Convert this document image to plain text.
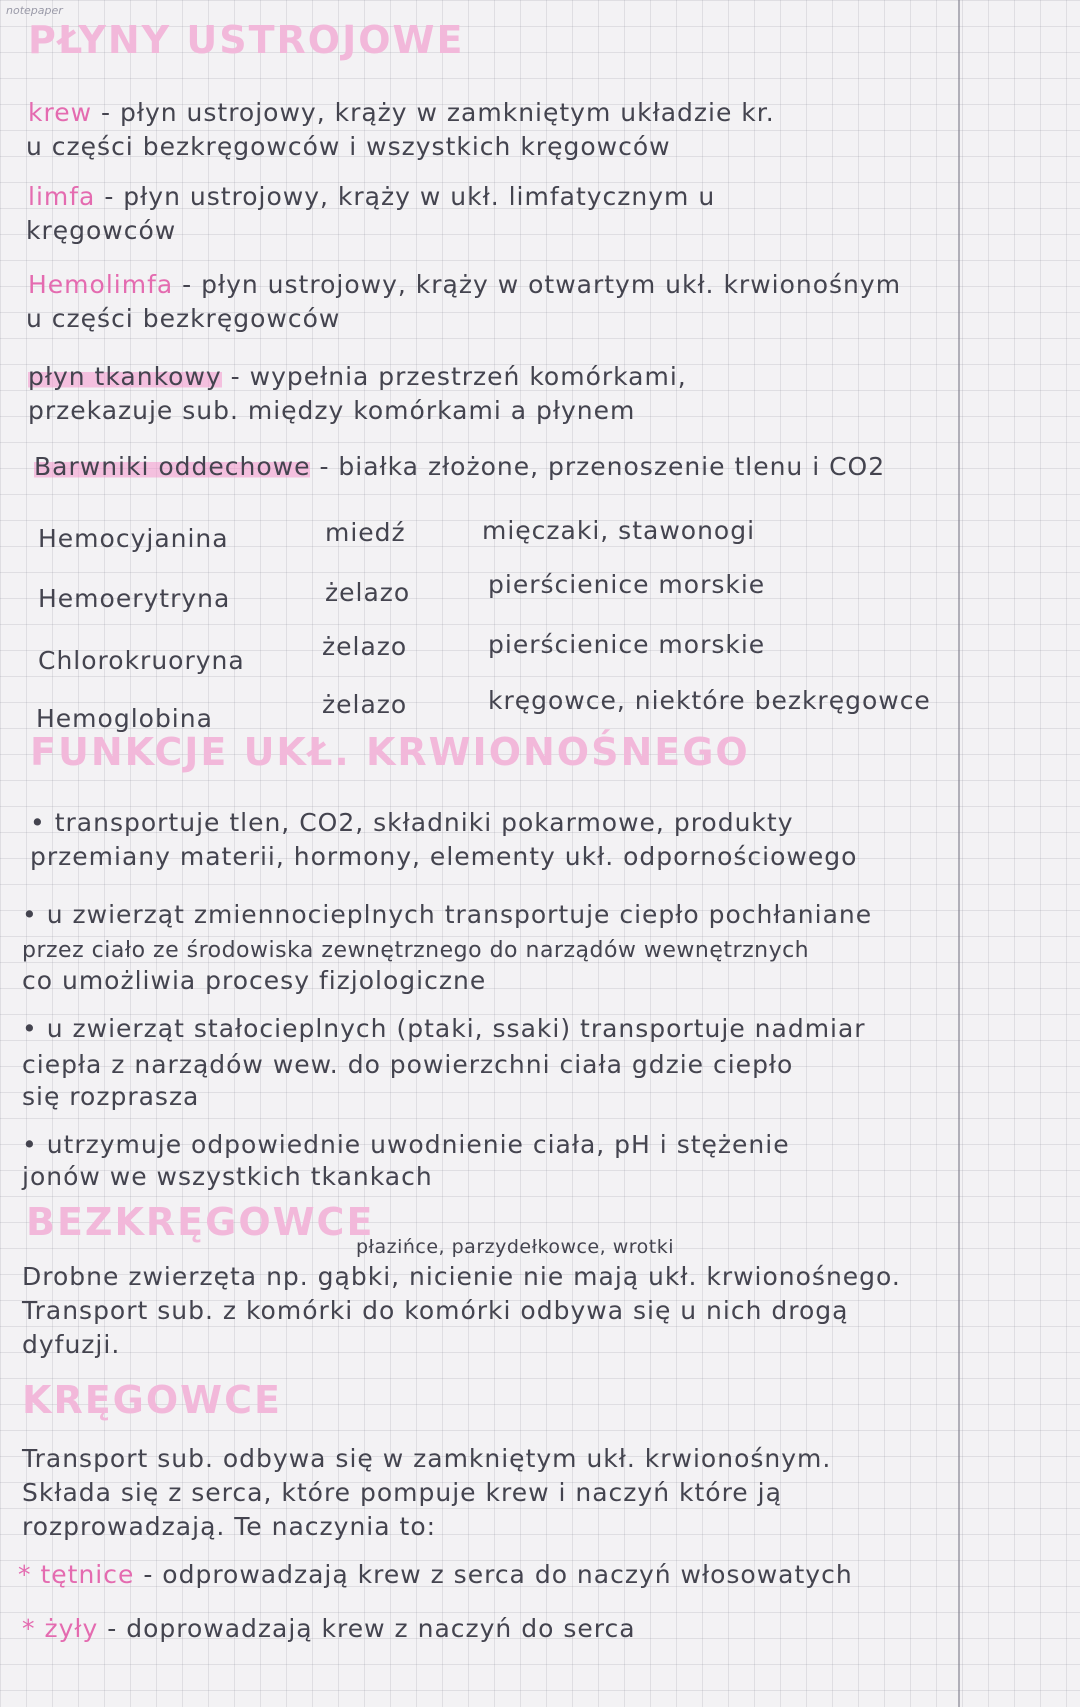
notepaper
PŁYNY USTROJOWE
krew - płyn ustrojowy, krąży w zamkniętym układzie kr.
u części bezkręgowców i wszystkich kręgowców
limfa - płyn ustrojowy, krąży w ukł. limfatycznym u
kręgowców
Hemolimfa - płyn ustrojowy, krąży w otwartym ukł. krwionośnym
u części bezkręgowców
płyn tkankowy - wypełnia przestrzeń komórkami,
przekazuje sub. między komórkami a płynem
Barwniki oddechowe - białka złożone, przenoszenie tlenu i CO2
Hemocyjanina	miedź	mięczaki, stawonogi
Hemoerytryna	żelazo	pierścienice morskie
Chlorokruoryna	żelazo	pierścienice morskie
Hemoglobina	żelazo	kręgowce, niektóre bezkręgowce
FUNKCJE UKŁ. KRWIONOŚNEGO
• transportuje tlen, CO2, składniki pokarmowe, produkty
przemiany materii, hormony, elementy ukł. odpornościowego
• u zwierząt zmiennocieplnych transportuje ciepło pochłaniane
przez ciało ze środowiska zewnętrznego do narządów wewnętrznych
co umożliwia procesy fizjologiczne
• u zwierząt stałocieplnych (ptaki, ssaki) transportuje nadmiar
ciepła z narządów wew. do powierzchni ciała gdzie ciepło
się rozprasza
• utrzymuje odpowiednie uwodnienie ciała, pH i stężenie
jonów we wszystkich tkankach
BEZKRĘGOWCE
płazińce, parzydełkowce, wrotki
Drobne zwierzęta np. gąbki, nicienie nie mają ukł. krwionośnego.
Transport sub. z komórki do komórki odbywa się u nich drogą
dyfuzji.
KRĘGOWCE
Transport sub. odbywa się w zamkniętym ukł. krwionośnym.
Składa się z serca, które pompuje krew i naczyń które ją
rozprowadzają. Te naczynia to:
* tętnice - odprowadzają krew z serca do naczyń włosowatych
* żyły - doprowadzają krew z naczyń do serca
